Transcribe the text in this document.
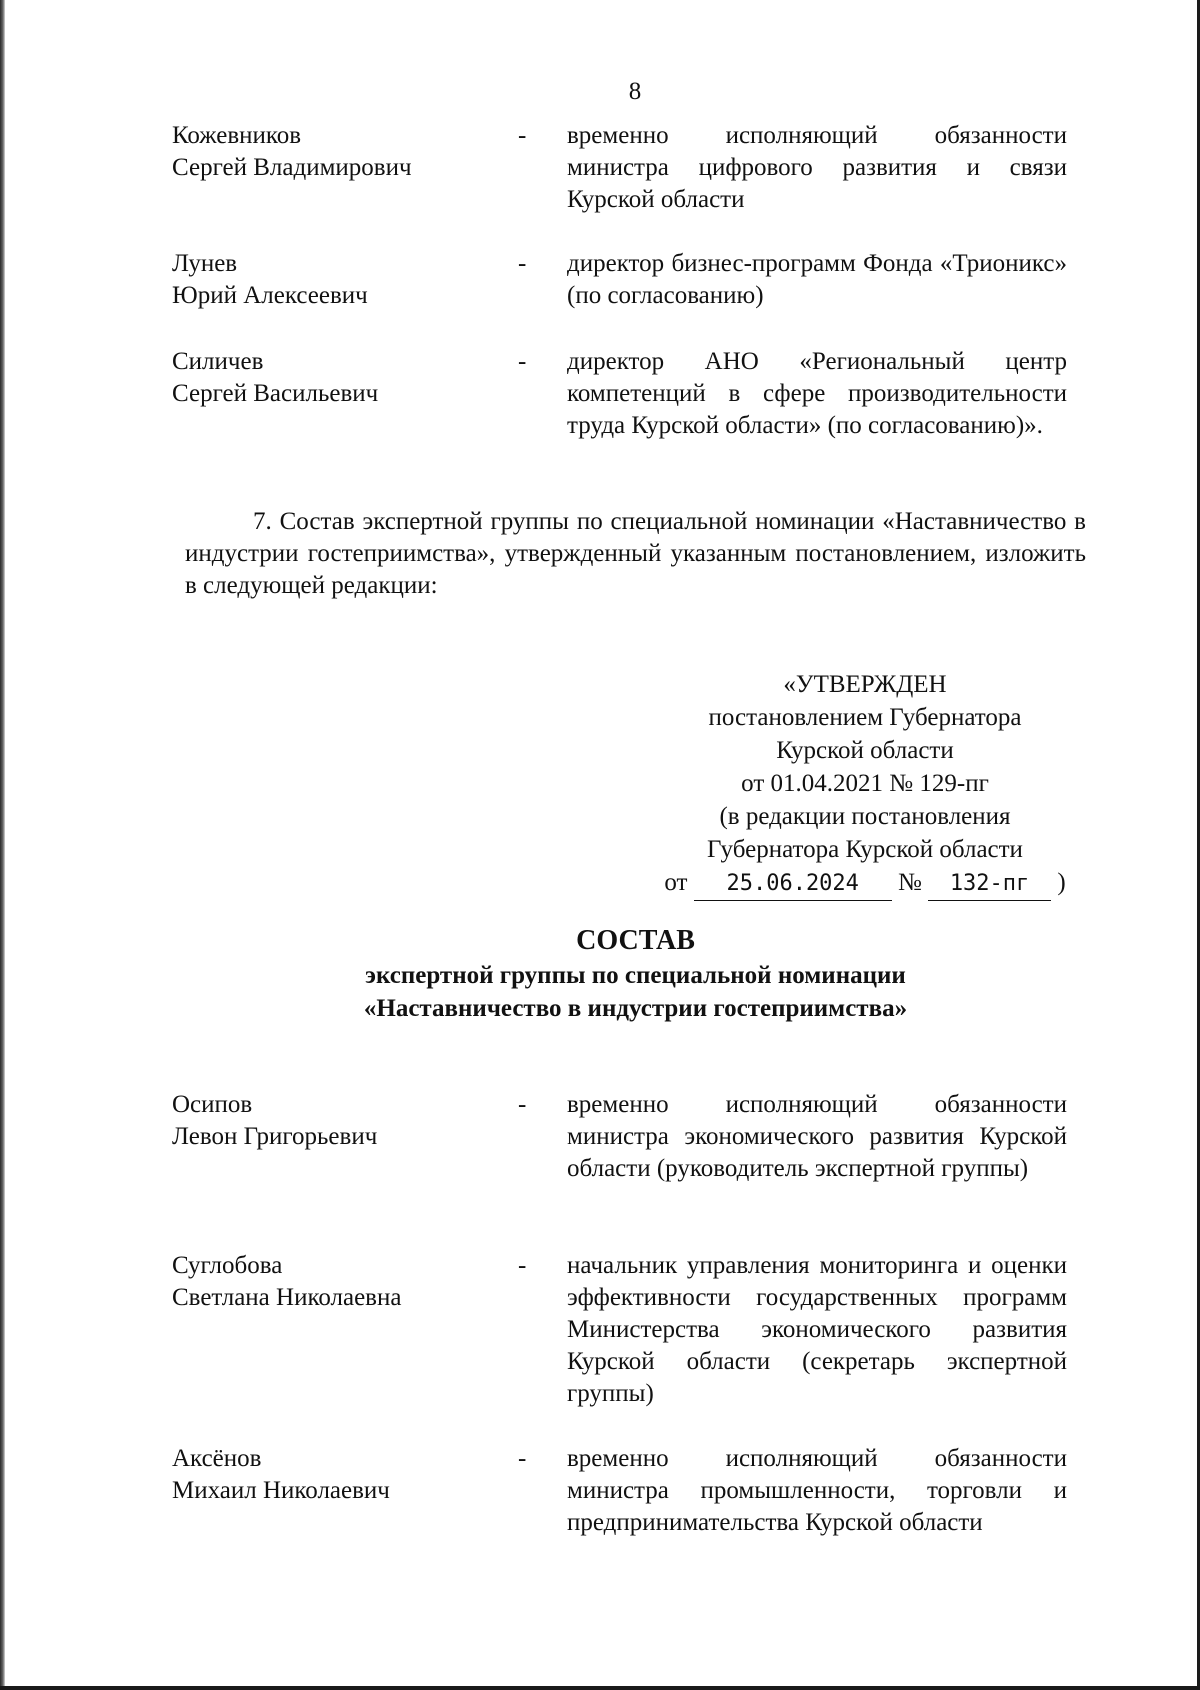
8
Кожевников
Сергей Владимирович
- временно исполняющий обязанности министра цифрового развития и связи Курской области
Лунев
Юрий Алексеевич
- директор бизнес-программ Фонда «Трионикс» (по согласованию)
Силичев
Сергей Васильевич
- директор АНО «Региональный центр компетенций в сфере производительности труда Курской области» (по согласованию)».
7. Состав экспертной группы по специальной номинации «Наставничество в индустрии гостеприимства», утвержденный указанным постановлением, изложить в следующей редакции:
«УТВЕРЖДЕН
постановлением Губернатора
Курской области
от 01.04.2021 № 129-пг
(в редакции постановления
Губернатора Курской области
от 25.06.2024 № 132-пг )
СОСТАВ
экспертной группы по специальной номинации
«Наставничество в индустрии гостеприимства»
Осипов
Левон Григорьевич
- временно исполняющий обязанности министра экономического развития Курской области (руководитель экспертной группы)
Суглобова
Светлана Николаевна
- начальник управления мониторинга и оценки эффективности государственных программ Министерства экономического развития Курской области (секретарь экспертной группы)
Аксёнов
Михаил Николаевич
- временно исполняющий обязанности министра промышленности, торговли и предпринимательства Курской области
